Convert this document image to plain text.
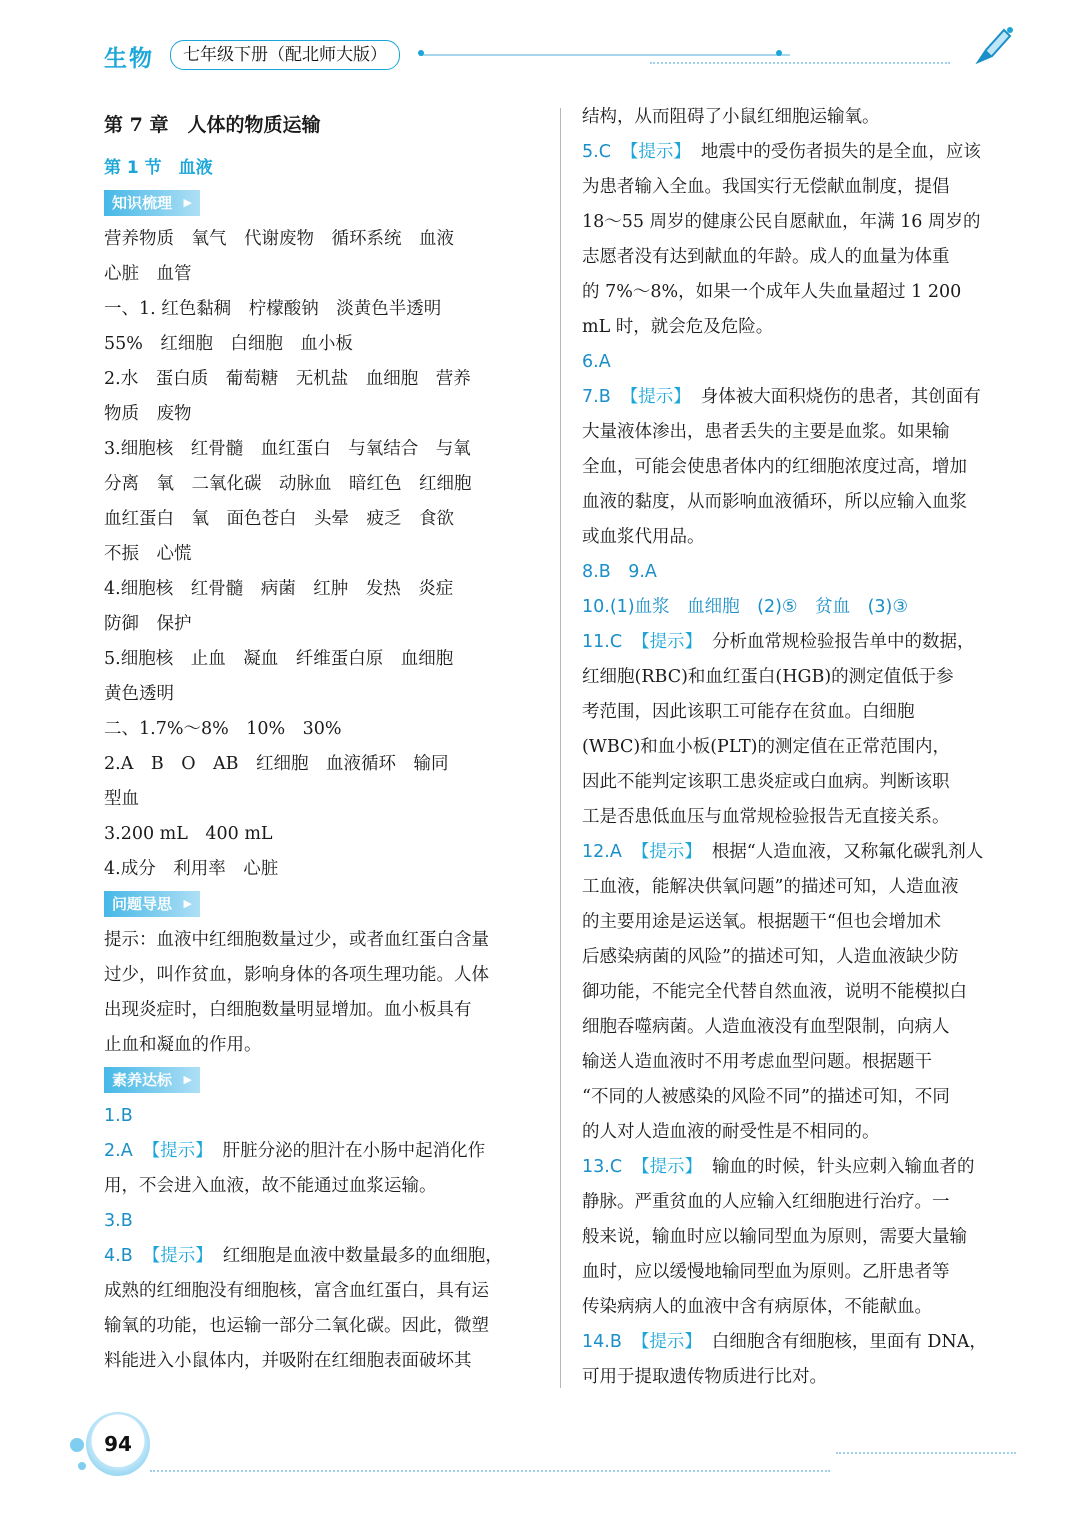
生物	七年级下册（配北师大版）

第 7 章　人体的物质运输

第 1 节　血液

知识梳理 ▶

营养物质　氧气　代谢废物　循环系统　血液

心脏　血管

一、1. 红色黏稠　柠檬酸钠　淡黄色半透明

55%　红细胞　白细胞　血小板

2.水　蛋白质　葡萄糖　无机盐　血细胞　营养

物质　废物

3.细胞核　红骨髓　血红蛋白　与氧结合　与氧

分离　氧　二氧化碳　动脉血　暗红色　红细胞

血红蛋白　氧　面色苍白　头晕　疲乏　食欲

不振　心慌

4.细胞核　红骨髓　病菌　红肿　发热　炎症

防御　保护

5.细胞核　止血　凝血　纤维蛋白原　血细胞

黄色透明

二、1.7%～8%　10%　30%

2.A　B　O　AB　红细胞　血液循环　输同

型血

3.200 mL　400 mL

4.成分　利用率　心脏

问题导思 ▶

提示：血液中红细胞数量过少，或者血红蛋白含量

过少，叫作贫血，影响身体的各项生理功能。人体

出现炎症时，白细胞数量明显增加。血小板具有

止血和凝血的作用。

素养达标 ▶

1.B

2.A 【 提示 】 肝脏分泌的胆汁在小肠中起消化作

用，不会进入血液，故不能通过血浆运输。

3.B

4.B 【 提示 】 红细胞是血液中数量最多的血细胞，

成熟的红细胞没有细胞核，富含血红蛋白，具有运

输氧的功能，也运输一部分二氧化碳。因此，微塑

料能进入小鼠体内，并吸附在红细胞表面破坏其

结构，从而阻碍了小鼠红细胞运输氧。

5.C 【 提示 】 地震中的受伤者损失的是全血，应该

为患者输入全血。我国实行无偿献血制度，提倡

18～55 周岁的健康公民自愿献血，年满 16 周岁的

志愿者没有达到献血的年龄。成人的血量为体重

的 7%～8%，如果一个成年人失血量超过 1 200

mL 时，就会危及危险。

6.A

7.B 【 提示 】 身体被大面积烧伤的患者，其创面有

大量液体渗出，患者丢失的主要是血浆。如果输

全血，可能会使患者体内的红细胞浓度过高，增加

血液的黏度，从而影响血液循环，所以应输入血浆

或血浆代用品。

8.B　9.A

10.(1)血浆　血细胞　(2)⑤　贫血　(3)③

11.C 【 提示 】 分析血常规检验报告单中的数据，

红细胞(RBC)和血红蛋白(HGB)的测定值低于参

考范围，因此该职工可能存在贫血。白细胞

(WBC)和血小板(PLT)的测定值在正常范围内，

因此不能判定该职工患炎症或白血病。判断该职

工是否患低血压与血常规检验报告无直接关系。

12.A 【 提示 】 根据“人造血液，又称氟化碳乳剂人

工血液，能解决供氧问题”的描述可知，人造血液

的主要用途是运送氧。根据题干“但也会增加术

后感染病菌的风险”的描述可知，人造血液缺少防

御功能，不能完全代替自然血液，说明不能模拟白

细胞吞噬病菌。人造血液没有血型限制，向病人

输送人造血液时不用考虑血型问题。根据题干

“不同的人被感染的风险不同”的描述可知，不同

的人对人造血液的耐受性是不相同的。

13.C 【 提示 】 输血的时候，针头应刺入输血者的

静脉。严重贫血的人应输入红细胞进行治疗。一

般来说，输血时应以输同型血为原则，需要大量输

血时，应以缓慢地输同型血为原则。乙肝患者等

传染病病人的血液中含有病原体，不能献血。

14.B 【 提示 】 白细胞含有细胞核，里面有 DNA，

可用于提取遗传物质进行比对。

94
